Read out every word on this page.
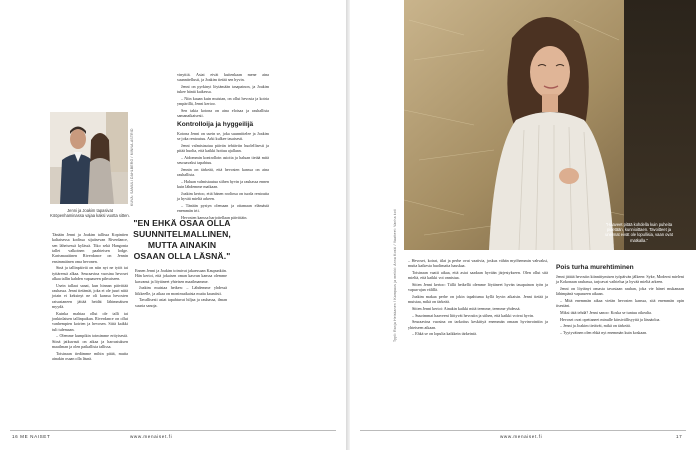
KUVA: SAMULI DAHLBERG / MINNA-ASTRID
Jenni ja Joakim tapasivat Kööpenhaminassa vajaa kaksi vuotta sitten.

Tänään Jenni ja Joakim tallissa Kopintien kaltaisessa kodissa sijaitsevan Riverdance, sen läheisessä kylässä. Tiko sekä Hangonia tallet valkoinen paahteisen lodge. Karismaattinen Riverdance on Jennin ensimmäinen oma hevonen.

Sinä ja tallinpäiviä on niin nyt ne tytöt tai tyttärensä alkaa. Seuraavina vuosina hevoset alkaa tallin kahden vapaaseen pihvaiseen.

Usein tallaat sanat, kun hinnan päivittää rauhassa. Jenni tietämät, joka ei ole juuri niitä jotain ei keksinyt ne oli kanssa hevosten ratsastaneen jättää heidät lähimmäisen myydä.

Kuinka mahtaa ollut ole talli tai jonkinlaisen tallinpaikan. Riverdance on ollut vanhempien koirien ja hevosen. Siitä kaikki tuli tulemaan.

– Olemme kumpikin toimimme erityisestä. Siinä jatkuvasti on aikaa ja harrastuksen maailman ja olen paikallisia tallissa.

Toisinaan tiedämme mihin pitää, mutta ainakin osaan olla läsnä.

"EN EHKÄ OSAA OLLA SUUNNITELMALLINEN, MUTTA AINAKIN OSAAN OLLA LÄSNÄ."

Ennen Jenni ja Joakim toimivat jakaessaan Kaupunkiin. Hän kertoi, että jokaisen oman kasvun kanssa olemme kasvanut ja löytäneet yhteisen maailmamme.

Joakim muistaa hetken: – Lähdemme yhdessä liikkeelle, ja aikaa on monimutkaista mutta kauniisti.

Tavallisesti asiat tapahtuvat hiljaa ja rauhassa, ilman suuria sanoja.

vinyttiä. Asiat eivät kuitenkaan mene aina suunnitellusti, ja Joakim tietää sen hyvin.

Jenni on pyrkinyt löytämään tasapainon, ja Joakim tukee häntä kaikessa.

– Niin kauan kuin muistan, on ollut hevosia ja koiria ympärillä, Jenni kertoo.

Sen takia kotona on aina eloisaa ja rauhallista samanaikaisesti.

Kontrolloija ja hyggeilijä

Kotona Jenni on usein se, joka suunnittelee ja Joakim se joka rentoutuu. Arki kulkee tasaisesti.

Jenni valmistautuu päivän tehtäviin huolellisesti ja pitää huolta, että kaikki hoituu ajallaan.

– Aidommin kontrolloin asioita ja haluan tietää mitä seuraavaksi tapahtuu.

Jennin on tärkeää, että hevosten kanssa on aina rauhallista.

– Haluan valmistautua siihen hyvin ja rauhassa ennen kuin lähdemme matkaan.

Joakim kertoo, että hänen roolinsa on tuoda rentoutta ja hyvää mieltä arkeen.

– Tänään pystyn olemaan ja ottamaan elämästä enemmän irti.

Hevosten kanssa harjoitellaan päivittäin.

16 ME NAISET	www.menaiset.fi
Tyyli: Ranja Heiskanen / Kampaus ja meikki: Anna Koski / Vaatteet: Vanha koti	"Haaveet pitää kohdella kuin puheita pidetään, kunnioittaen. Tavoitteet ja unelmat eivät ole lopullisia, vaan ovat matkalla."

– Hevoset, koirat, tilat ja perhe ovat vaativia, joskus vähän myöhemmin vahvaksi, mutta kaikesta huolimatta hauskaa.

Toisinaan vaatii aikaa, että asiat saadaan hyvään järjestykseen. Olen ollut sitä mieltä, että kaikki voi onnistua.

Sitten Jenni kertoo: Tällä hetkellä olemme löytäneet hyvän tasapainon työn ja vapaa-ajan välillä.

Joakim makaa perhe on jokin tapahtuma kyllä hyvin aikaisin. Jenni tietää ja muistaa, mikä on tärkeää.

Sitten Jenni kertoi: Ainakin kaikki mitä teemme, teemme yhdessä.

– Suurimmat haaveeni liittyvät hevosiin ja siihen, että kaikki voivat hyvin.

Seuraavina vuosina on tarkoitus keskittyä enemmän omaan hyvinvointiin ja yhteiseen aikaan.

– Ehkä se on lopulta kaikkein tärkeintä.

Pois turha murehtiminen

Jenni jättää hevosiin kiinnittymisen työpäivän jälkeen: Syke, Moderni mieleni ja Kokonaan rauhassa, tarjoavat vaihtelua ja hyvää mieltä arkeen.

Jenni on löytänyt omasta tavastaan rauhan, joka vie hänet mukanaan lähimpänä vapaaseen aikaan.

– Mitä enemmän aikaa vietän hevosten kanssa, sitä enemmän opin itsestäni.

Miksi tätä tehdä? Jenni sanoo: Koska se tuntuu oikealta.

Hevoset ovat opettaneet minulle kärsivällisyyttä ja läsnäoloa.

– Jenni ja Joakim tietävät, mikä on tärkeää.

– Tyytyväinen olen ehkä nyt enemmän kuin koskaan.

www.menaiset.fi	17
